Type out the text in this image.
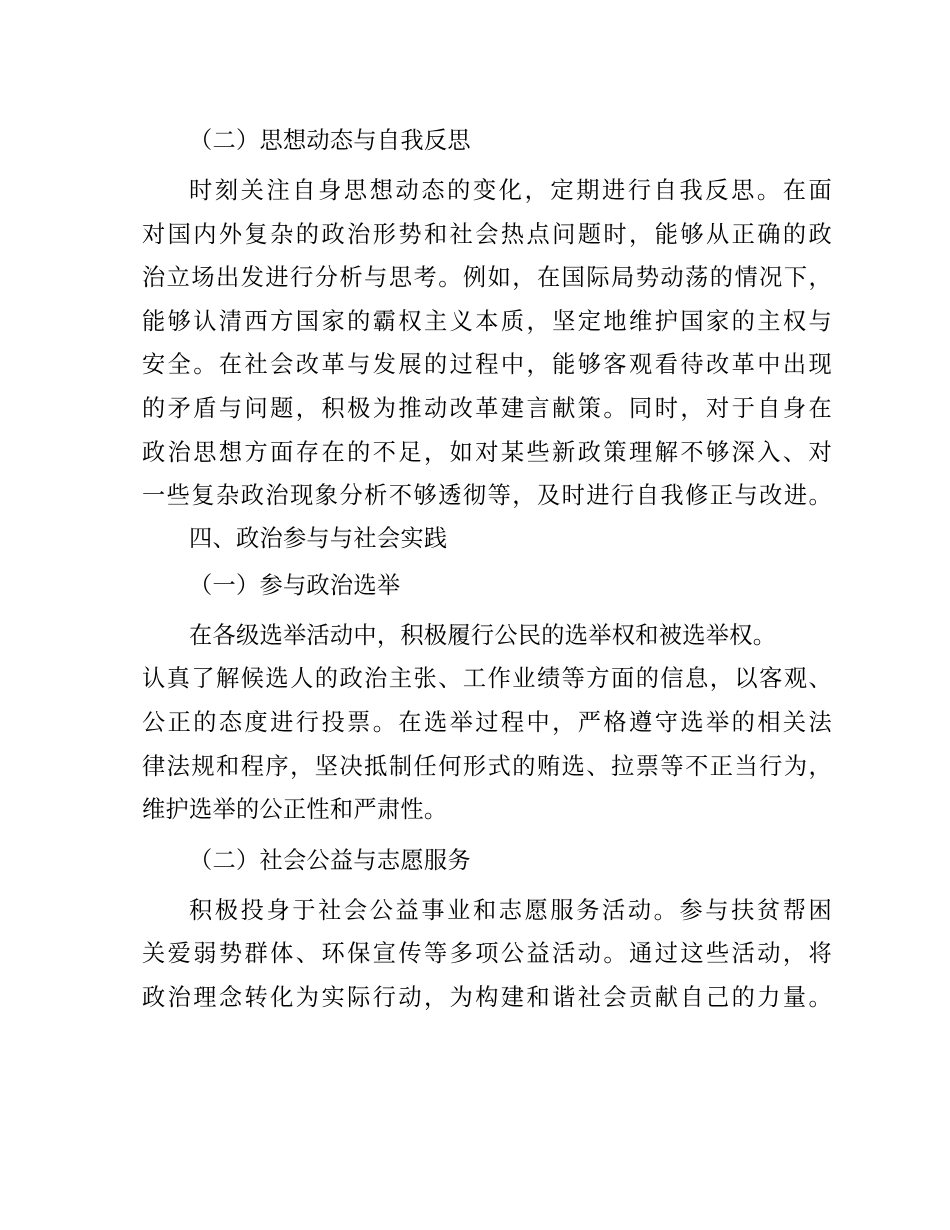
（二）思想动态与自我反思
时刻关注自身思想动态的变化，定期进行自我反思。在面
对国内外复杂的政治形势和社会热点问题时，能够从正确的政
治立场出发进行分析与思考。例如，在国际局势动荡的情况下，
能够认清西方国家的霸权主义本质，坚定地维护国家的主权与
安全。在社会改革与发展的过程中，能够客观看待改革中出现
的矛盾与问题，积极为推动改革建言献策。同时，对于自身在
政治思想方面存在的不足，如对某些新政策理解不够深入、对
一些复杂政治现象分析不够透彻等，及时进行自我修正与改进。
四、政治参与与社会实践
（一）参与政治选举
在各级选举活动中，积极履行公民的选举权和被选举权。
认真了解候选人的政治主张、工作业绩等方面的信息，以客观、
公正的态度进行投票。在选举过程中，严格遵守选举的相关法
律法规和程序，坚决抵制任何形式的贿选、拉票等不正当行为，
维护选举的公正性和严肃性。
（二）社会公益与志愿服务
积极投身于社会公益事业和志愿服务活动。参与扶贫帮困
关爱弱势群体、环保宣传等多项公益活动。通过这些活动，将
政治理念转化为实际行动，为构建和谐社会贡献自己的力量。
